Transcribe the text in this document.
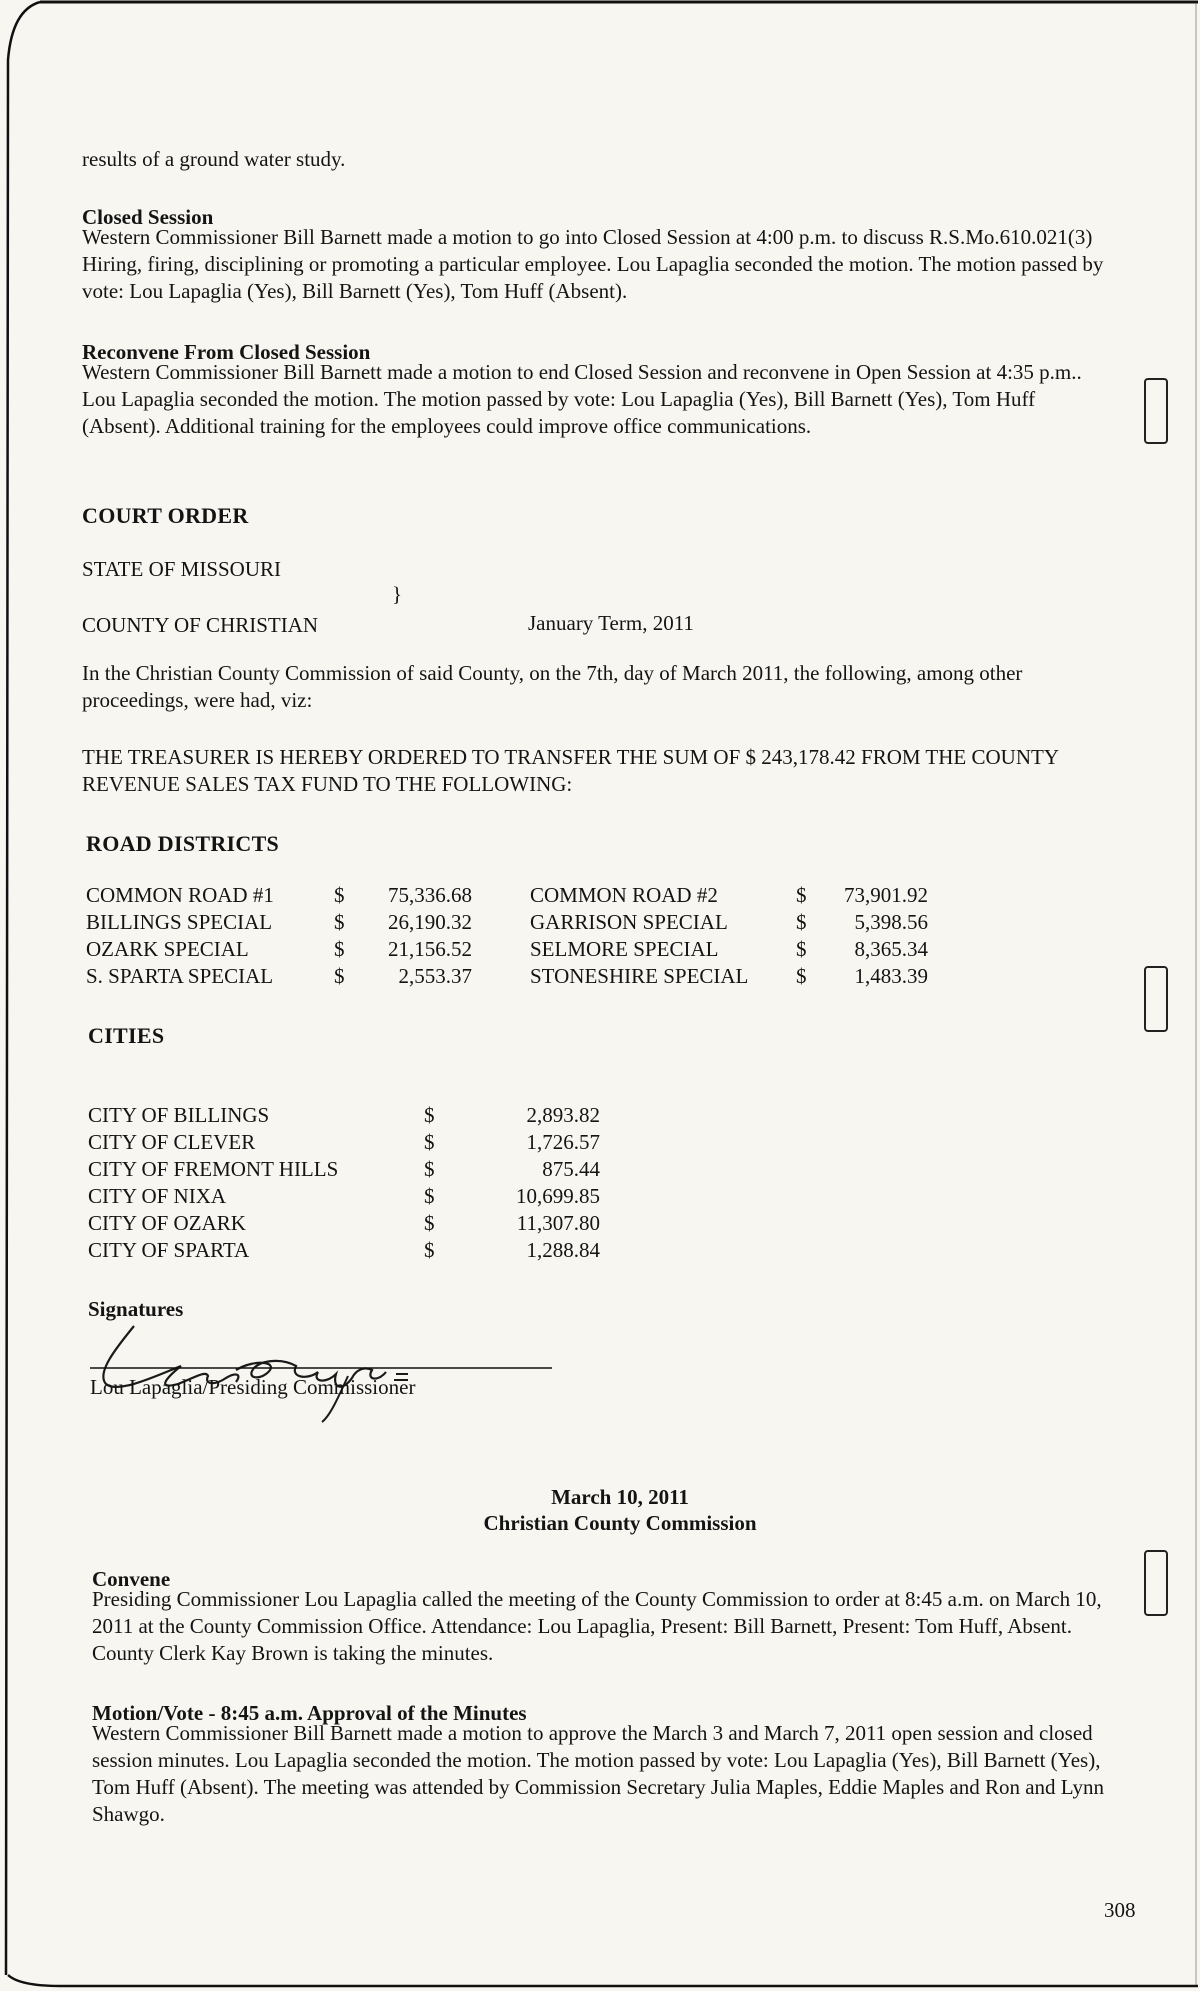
results of a ground water study.
Closed Session
Western Commissioner Bill Barnett made a motion to go into Closed Session at 4:00 p.m. to discuss R.S.Mo.610.021(3) Hiring, firing, disciplining or promoting a particular employee. Lou Lapaglia seconded the motion. The motion passed by vote: Lou Lapaglia (Yes), Bill Barnett (Yes), Tom Huff (Absent).
Reconvene From Closed Session
Western Commissioner Bill Barnett made a motion to end Closed Session and reconvene in Open Session at 4:35 p.m.. Lou Lapaglia seconded the motion. The motion passed by vote: Lou Lapaglia (Yes), Bill Barnett (Yes), Tom Huff (Absent). Additional training for the employees could improve office communications.
COURT ORDER
STATE OF MISSOURI
}
COUNTY OF CHRISTIAN	January Term, 2011
In the Christian County Commission of said County, on the 7th, day of March 2011, the following, among other proceedings, were had, viz:
THE TREASURER IS HEREBY ORDERED TO TRANSFER THE SUM OF $ 243,178.42 FROM THE COUNTY REVENUE SALES TAX FUND TO THE FOLLOWING:
ROAD DISTRICTS
COMMON ROAD #1	$	75,336.68		COMMON ROAD #2	$	73,901.92
BILLINGS SPECIAL	$	26,190.32		GARRISON SPECIAL	$	5,398.56
OZARK SPECIAL	$	21,156.52		SELMORE SPECIAL	$	8,365.34
S. SPARTA SPECIAL	$	2,553.37		STONESHIRE SPECIAL	$	1,483.39
CITIES
CITY OF BILLINGS	$	2,893.82
CITY OF CLEVER	$	1,726.57
CITY OF FREMONT HILLS	$	875.44
CITY OF NIXA	$	10,699.85
CITY OF OZARK	$	11,307.80
CITY OF SPARTA	$	1,288.84
Signatures
Lou Lapaglia/Presiding Commissioner
March 10, 2011
Christian County Commission
Convene
Presiding Commissioner Lou Lapaglia called the meeting of the County Commission to order at 8:45 a.m. on March 10, 2011 at the County Commission Office. Attendance: Lou Lapaglia, Present: Bill Barnett, Present: Tom Huff, Absent. County Clerk Kay Brown is taking the minutes.
Motion/Vote - 8:45 a.m. Approval of the Minutes
Western Commissioner Bill Barnett made a motion to approve the March 3 and March 7, 2011 open session and closed session minutes. Lou Lapaglia seconded the motion. The motion passed by vote: Lou Lapaglia (Yes), Bill Barnett (Yes), Tom Huff (Absent). The meeting was attended by Commission Secretary Julia Maples, Eddie Maples and Ron and Lynn Shawgo.
308
